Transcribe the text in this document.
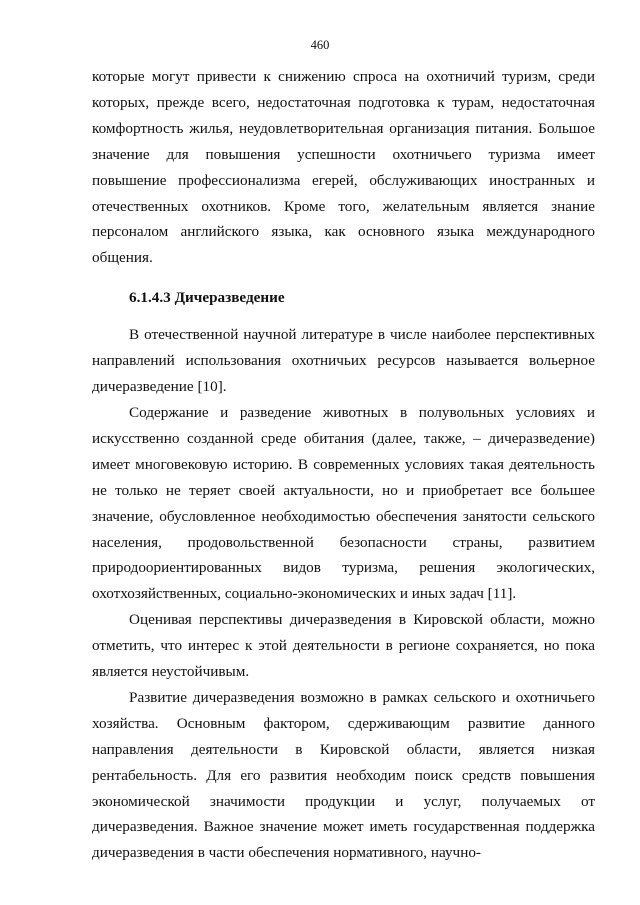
460

которые могут привести к снижению спроса на охотничий туризм, среди которых, прежде всего, недостаточная подготовка к турам, недостаточная комфортность жилья, неудовлетворительная организация питания. Большое значение для повышения успешности охотничьего туризма имеет повышение профессионализма егерей, обслуживающих иностранных и отечественных охотников. Кроме того, желательным является знание персоналом английского языка, как основного языка международного общения.

6.1.4.3 Дичеразведение

В отечественной научной литературе в числе наиболее перспективных направлений использования охотничьих ресурсов называется вольерное дичеразведение [10].

Содержание и разведение животных в полувольных условиях и искусственно созданной среде обитания (далее, также, – дичеразведение) имеет многовековую историю. В современных условиях такая деятельность не только не теряет своей актуальности, но и приобретает все большее значение, обусловленное необходимостью обеспечения занятости сельского населения, продовольственной безопасности страны, развитием природоориентированных видов туризма, решения экологических, охотхозяйственных, социально-экономических и иных задач [11].

Оценивая перспективы дичеразведения в Кировской области, можно отметить, что интерес к этой деятельности в регионе сохраняется, но пока является неустойчивым.

Развитие дичеразведения возможно в рамках сельского и охотничьего хозяйства. Основным фактором, сдерживающим развитие данного направления деятельности в Кировской области, является низкая рентабельность. Для его развития необходим поиск средств повышения экономической значимости продукции и услуг, получаемых от дичеразведения. Важное значение может иметь государственная поддержка дичеразведения в части обеспечения нормативного, научно-
